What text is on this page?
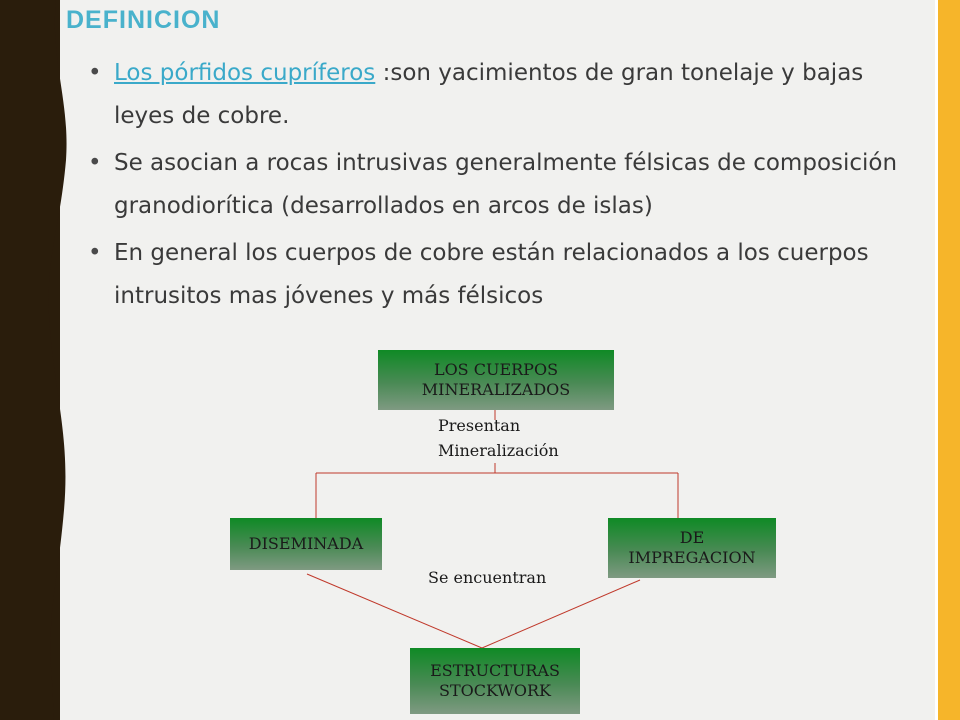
DEFINICION
• Los pórfidos cupríferos :son yacimientos de gran tonelaje y bajas leyes de cobre.
• Se asocian a rocas intrusivas generalmente félsicas de composición granodiorítica (desarrollados en arcos de islas)
• En general los cuerpos de cobre están relacionados a los cuerpos intrusitos mas jóvenes y más félsicos
LOS CUERPOS
MINERALIZADOS
Presentan
Mineralización
DISEMINADA	DE
IMPREGACION
Se encuentran
ESTRUCTURAS
STOCKWORK
